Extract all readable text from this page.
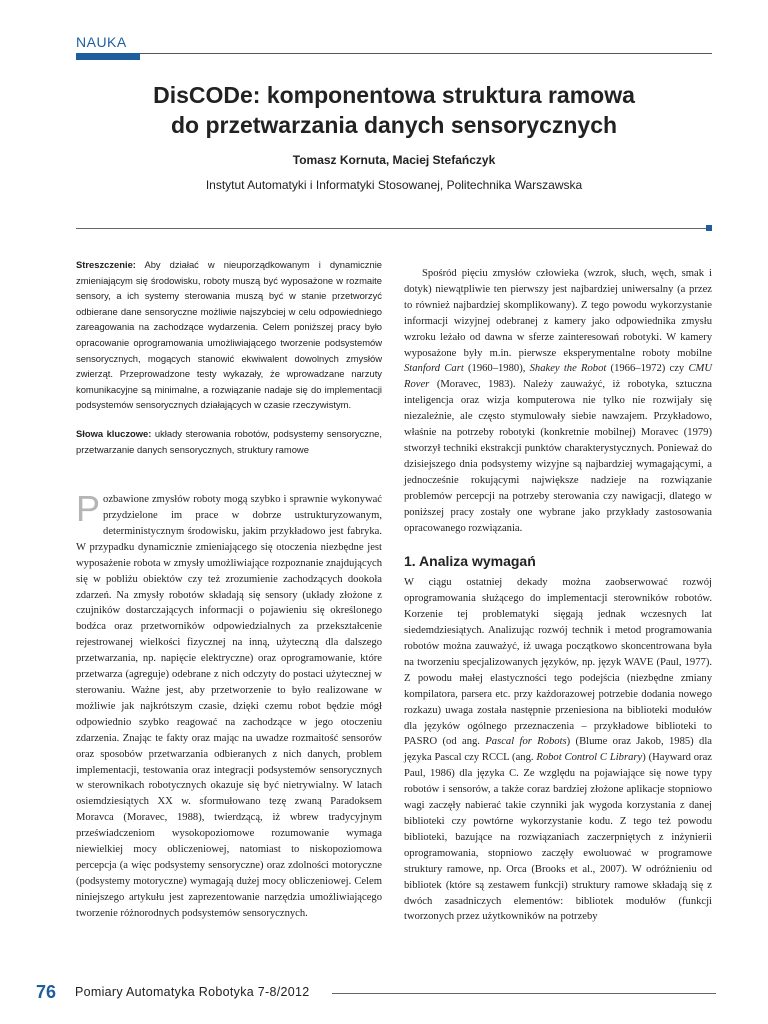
NAUKA
DisCODe: komponentowa struktura ramowa
do przetwarzania danych sensorycznych
Tomasz Kornuta, Maciej Stefańczyk
Instytut Automatyki i Informatyki Stosowanej, Politechnika Warszawska

Streszczenie: Aby działać w nieuporządkowanym i dynamicznie zmieniającym się środowisku, roboty muszą być wyposażone w rozmaite sensory, a ich systemy sterowania muszą być w stanie przetworzyć odbierane dane sensoryczne możliwie najszybciej w celu odpowiedniego zareagowania na zachodzące wydarzenia. Celem poniższej pracy było opracowanie oprogramowania umożliwiającego tworzenie podsystemów sensorycznych, mogących stanowić ekwiwalent dowolnych zmysłów zwierząt. Przeprowadzone testy wykazały, że wprowadzane narzuty komunikacyjne są minimalne, a rozwiązanie nadaje się do implementacji podsystemów sensorycznych działających w czasie rzeczywistym.

Słowa kluczowe: układy sterowania robotów, podsystemy sensoryczne, przetwarzanie danych sensorycznych, struktury ramowe

Pozbawione zmysłów roboty mogą szybko i sprawnie wykonywać przydzielone im prace w dobrze ustrukturyzowanym, deterministycznym środowisku, jakim przykładowo jest fabryka. W przypadku dynamicznie zmieniającego się otoczenia niezbędne jest wyposażenie robota w zmysły umożliwiające rozpoznanie znajdujących się w pobliżu obiektów czy też zrozumienie zachodzących dookoła zdarzeń. Na zmysły robotów składają się sensory (układy złożone z czujników dostarczających informacji o pojawieniu się określonego bodźca oraz przetworników odpowiedzialnych za przekształcenie rejestrowanej wielkości fizycznej na inną, użyteczną dla dalszego przetwarzania, np. napięcie elektryczne) oraz oprogramowanie, które przetwarza (agreguje) odebrane z nich odczyty do postaci użytecznej w sterowaniu. Ważne jest, aby przetworzenie to było realizowane w możliwie jak najkrótszym czasie, dzięki czemu robot będzie mógł odpowiednio szybko reagować na zachodzące w jego otoczeniu zdarzenia. Znając te fakty oraz mając na uwadze rozmaitość sensorów oraz sposobów przetwarzania odbieranych z nich danych, problem implementacji, testowania oraz integracji podsystemów sensorycznych w sterownikach robotycznych okazuje się być nietrywialny. W latach osiemdziesiątych XX w. sformułowano tezę zwaną Paradoksem Moravca (Moravec, 1988), twierdzącą, iż wbrew tradycyjnym przeświadczeniom wysokopoziomowe rozumowanie wymaga niewielkiej mocy obliczeniowej, natomiast to niskopoziomowa percepcja (a więc podsystemy sensoryczne) oraz zdolności motoryczne (podsystemy motoryczne) wymagają dużej mocy obliczeniowej. Celem niniejszego artykułu jest zaprezentowanie narzędzia umożliwiającego tworzenie różnorodnych podsystemów sensorycznych.

Spośród pięciu zmysłów człowieka (wzrok, słuch, węch, smak i dotyk) niewątpliwie ten pierwszy jest najbardziej uniwersalny (a przez to również najbardziej skomplikowany). Z tego powodu wykorzystanie informacji wizyjnej odebranej z kamery jako odpowiednika zmysłu wzroku leżało od dawna w sferze zainteresowań robotyki. W kamery wyposażone były m.in. pierwsze eksperymentalne roboty mobilne Stanford Cart (1960–1980), Shakey the Robot (1966–1972) czy CMU Rover (Moravec, 1983). Należy zauważyć, iż robotyka, sztuczna inteligencja oraz wizja komputerowa nie tylko nie rozwijały się niezależnie, ale często stymulowały siebie nawzajem. Przykładowo, właśnie na potrzeby robotyki (konkretnie mobilnej) Moravec (1979) stworzył techniki ekstrakcji punktów charakterystycznych. Ponieważ do dzisiejszego dnia podsystemy wizyjne są najbardziej wymagającymi, a jednocześnie rokującymi największe nadzieje na rozwiązanie problemów percepcji na potrzeby sterowania czy nawigacji, dlatego w poniższej pracy zostały one wybrane jako przykłady zastosowania opracowanego rozwiązania.

1. Analiza wymagań

W ciągu ostatniej dekady można zaobserwować rozwój oprogramowania służącego do implementacji sterowników robotów. Korzenie tej problematyki sięgają jednak wczesnych lat siedemdziesiątych. Analizując rozwój technik i metod programowania robotów można zauważyć, iż uwaga początkowo skoncentrowana była na tworzeniu specjalizowanych języków, np. język WAVE (Paul, 1977). Z powodu małej elastyczności tego podejścia (niezbędne zmiany kompilatora, parsera etc. przy każdorazowej potrzebie dodania nowego rozkazu) uwaga została następnie przeniesiona na biblioteki modułów dla języków ogólnego przeznaczenia – przykładowe biblioteki to PASRO (od ang. Pascal for Robots) (Blume oraz Jakob, 1985) dla języka Pascal czy RCCL (ang. Robot Control C Library) (Hayward oraz Paul, 1986) dla języka C. Ze względu na pojawiające się nowe typy robotów i sensorów, a także coraz bardziej złożone aplikacje stopniowo wagi zaczęły nabierać takie czynniki jak wygoda korzystania z danej biblioteki czy powtórne wykorzystanie kodu. Z tego też powodu biblioteki, bazujące na rozwiązaniach zaczerpniętych z inżynierii oprogramowania, stopniowo zaczęły ewoluować w programowe struktury ramowe, np. Orca (Brooks et al., 2007). W odróżnieniu od bibliotek (które są zestawem funkcji) struktury ramowe składają się z dwóch zasadniczych elementów: bibliotek modułów (funkcji tworzonych przez użytkowników na potrzeby

76 Pomiary Automatyka Robotyka 7-8/2012
